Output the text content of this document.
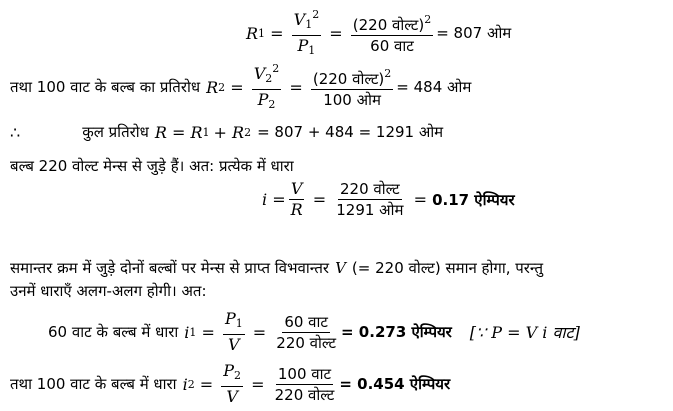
R $1 = \frac{V_1^2}{P_1} = \frac{(220 वोल्ट)^2}{\text{60 वाट}} = 807$ ओम
तथा 100 वाट के बल्ब का प्रतिरोध R $2 = \frac{V_2^2}{P_2} = \frac{(220 वोल्ट)^2}{\text{100 ओम}} = 484$ ओम
∴	कुल प्रतिरोध R = R 1 + R 2 = 807 + 484 = 1291 ओम
बल्ब 220 वोल्ट मेन्स से जुड़े हैं। अत: प्रत्येक में धारा
$i = \frac{V}{R} = \frac{\text{220 वोल्ट}}{\text{1291 ओम}} = 0.17$ ऐम्पियर
समान्तर क्रम में जुड़े दोनों बल्बों पर मेन्स से प्राप्त विभवान्तर V (= 220 वोल्ट) समान होगा, परन्तु
उनमें धाराएँ अलग-अलग होगी। अत:
60 वाट के बल्ब में धारा i $1 = \frac{P_1}{V} = \frac{\text{60 वाट}}{\text{220 वोल्ट}} = 0.273$ ऐम्पियर [∵ P = V i वाट]
तथा 100 वाट के बल्ब में धारा i $2 = \frac{P_2}{V} = \frac{\text{100 वाट}}{\text{220 वोल्ट}} = 0.454$ ऐम्पियर
